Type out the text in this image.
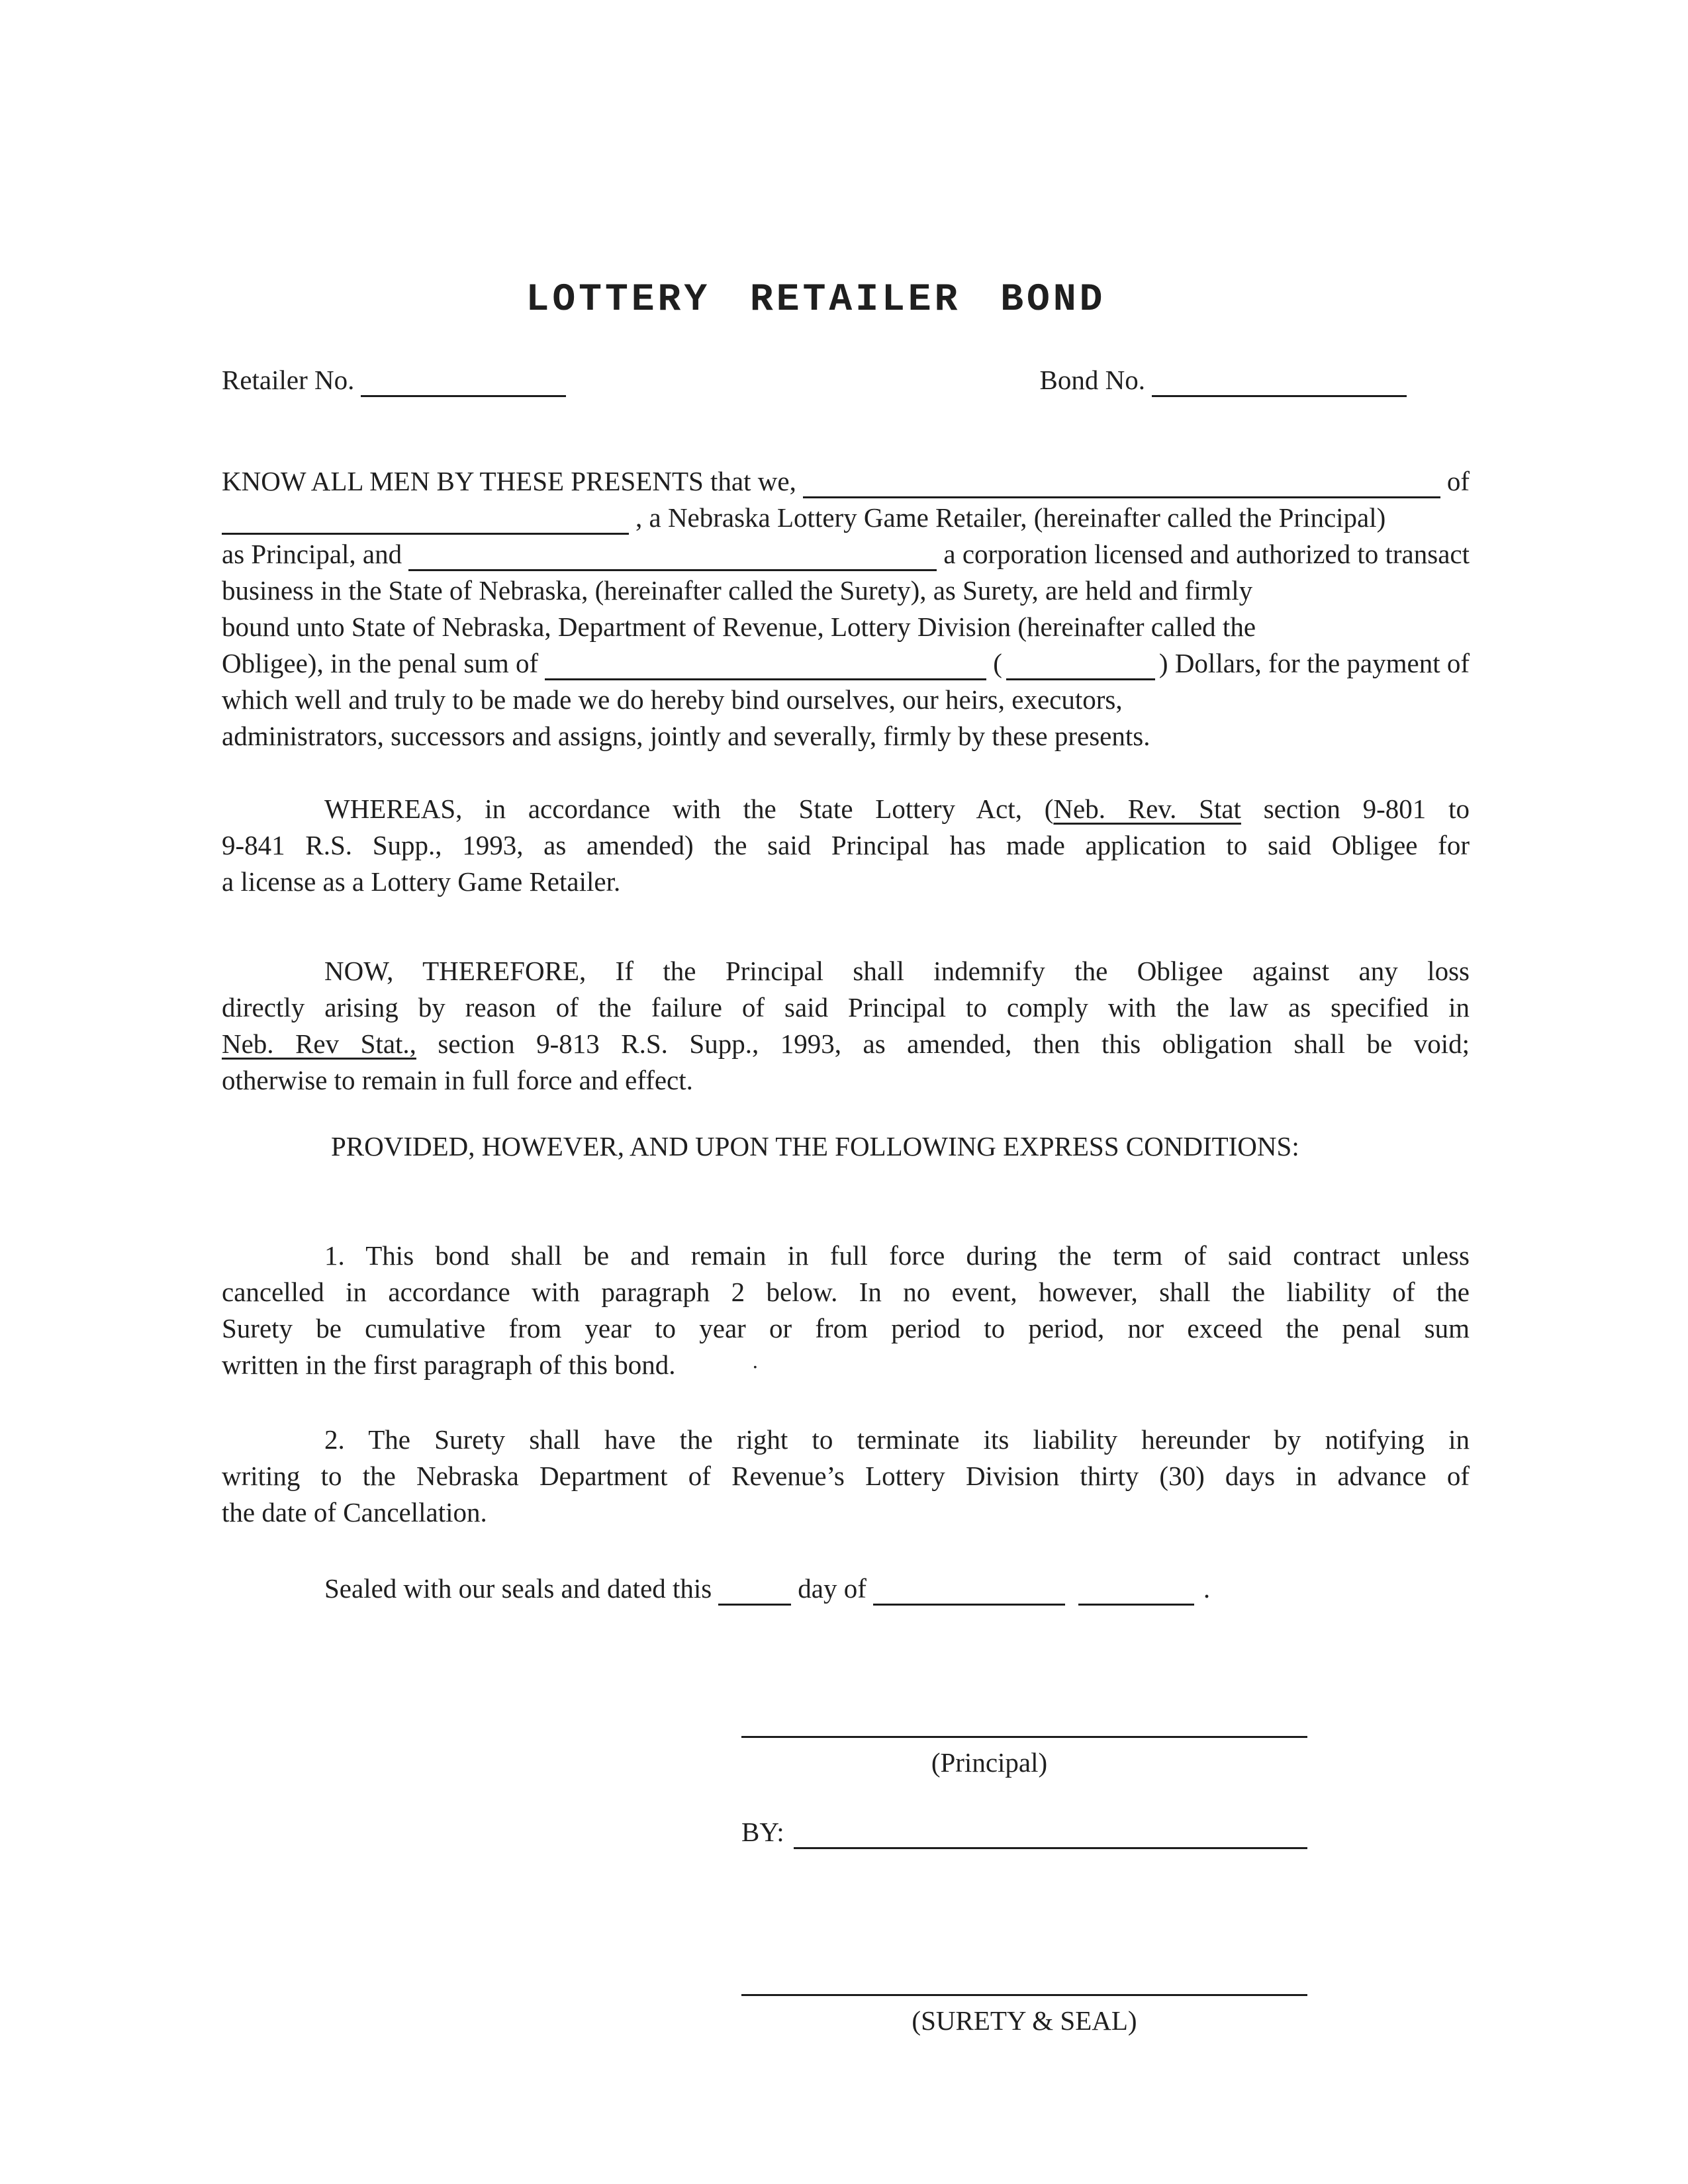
LOTTERY RETAILER BOND
Retailer No.	Bond No.
KNOW ALL MEN BY THESE PRESENTS that we,	of
, a Nebraska Lottery Game Retailer, (hereinafter called the Principal)
as Principal, and	a corporation licensed and authorized to transact
business in the State of Nebraska, (hereinafter called the Surety), as Surety, are held and firmly
bound unto State of Nebraska, Department of Revenue, Lottery Division (hereinafter called the
Obligee), in the penal sum of	(	) Dollars, for the payment of
which well and truly to be made we do hereby bind ourselves, our heirs, executors,
administrators, successors and assigns, jointly and severally, firmly by these presents.
WHEREAS, in accordance with the State Lottery Act, (Neb. Rev. Stat section 9-801 to
9-841 R.S. Supp., 1993, as amended) the said Principal has made application to said Obligee for
a license as a Lottery Game Retailer.
NOW, THEREFORE, If the Principal shall indemnify the Obligee against any loss
directly arising by reason of the failure of said Principal to comply with the law as specified in
Neb. Rev Stat., section 9-813 R.S. Supp., 1993, as amended, then this obligation shall be void;
otherwise to remain in full force and effect.
PROVIDED, HOWEVER, AND UPON THE FOLLOWING EXPRESS CONDITIONS:
1. This bond shall be and remain in full force during the term of said contract unless
cancelled in accordance with paragraph 2 below. In no event, however, shall the liability of the
Surety be cumulative from year to year or from period to period, nor exceed the penal sum
written in the first paragraph of this bond.	·
2. The Surety shall have the right to terminate its liability hereunder by notifying in
writing to the Nebraska Department of Revenue’s Lottery Division thirty (30) days in advance of
the date of Cancellation.
Sealed with our seals and dated this	day of	.
(Principal)
BY:
(SURETY & SEAL)
